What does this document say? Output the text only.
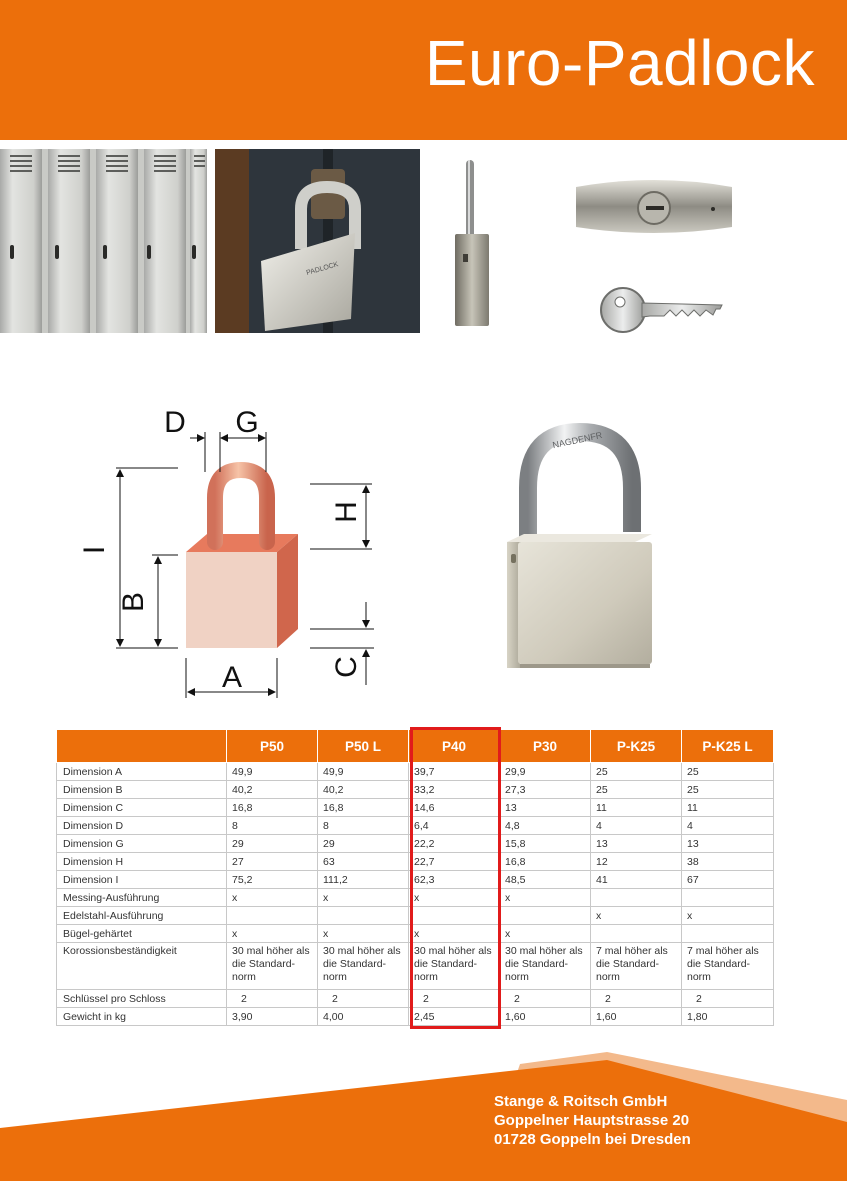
Euro-Padlock
PADLOCK
D G
I
B
A
H
C
NAGDENFR
	P50	P50 L	P40	P30	P-K25	P-K25 L
Dimension A	49,9	49,9	39,7	29,9	25	25
Dimension B	40,2	40,2	33,2	27,3	25	25
Dimension C	16,8	16,8	14,6	13	11	11
Dimension D	8	8	6,4	4,8	4	4
Dimension G	29	29	22,2	15,8	13	13
Dimension H	27	63	22,7	16,8	12	38
Dimension I	75,2	111,2	62,3	48,5	41	67
Messing-Ausführung	x	x	x	x		
Edelstahl-Ausführung					x	x
Bügel-gehärtet	x	x	x	x		
Korossionsbeständigkeit	30 mal höher als die Standard-norm	30 mal höher als die Standard-norm	30 mal höher als die Standard-norm	30 mal höher als die Standard-norm	7 mal höher als die Standard-norm	7 mal höher als die Standard-norm
Schlüssel pro Schloss	2	2	2	2	2	2
Gewicht in kg	3,90	4,00	2,45	1,60	1,60	1,80
Stange & Roitsch GmbH
Goppelner Hauptstrasse 20
01728 Goppeln bei Dresden
